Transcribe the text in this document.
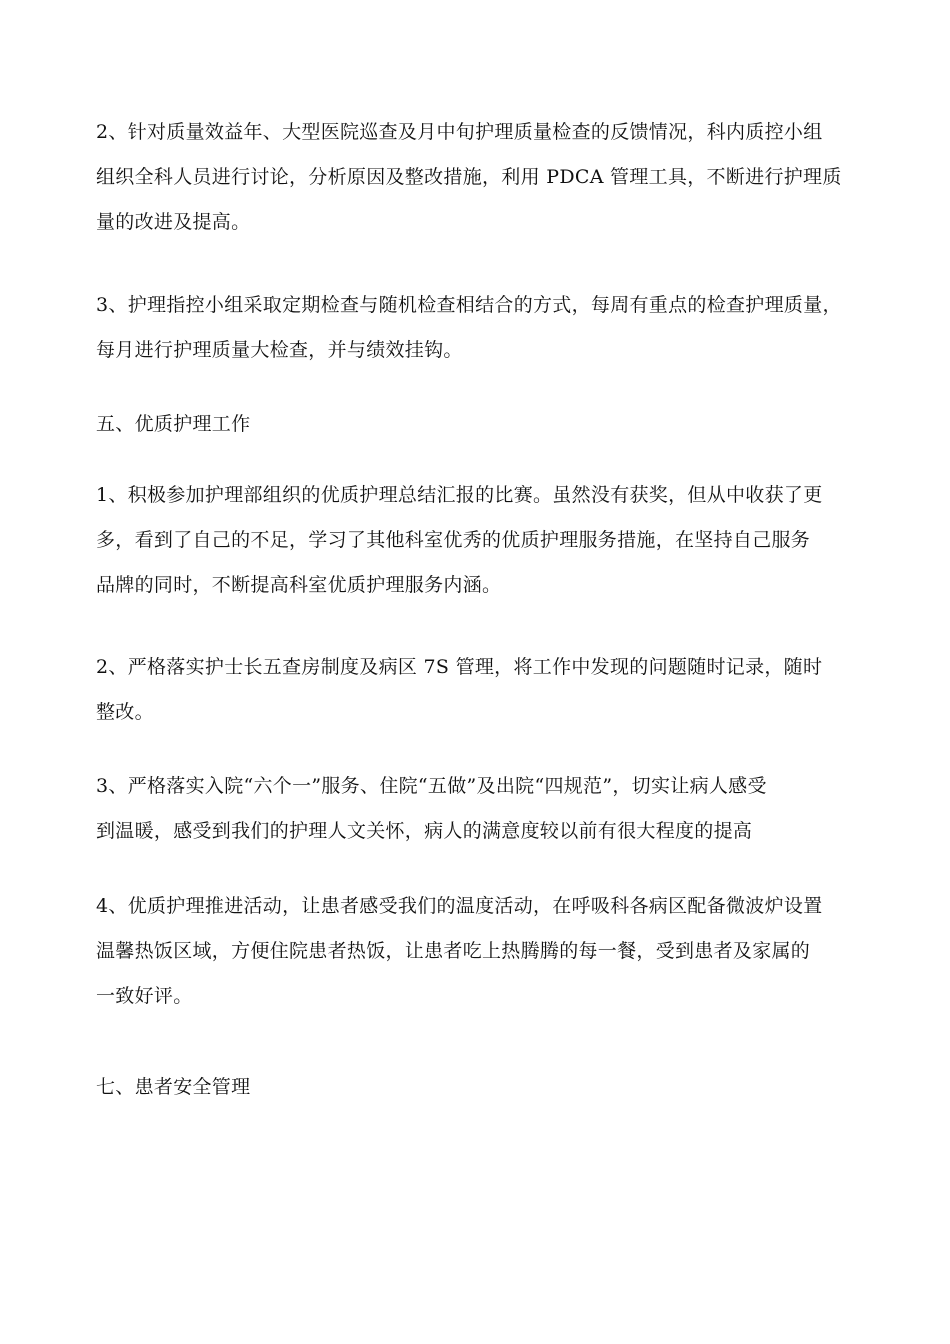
2、针对质量效益年、大型医院巡查及月中旬护理质量检查的反馈情况，科内质控小组
组织全科人员进行讨论，分析原因及整改措施，利用 PDCA 管理工具，不断进行护理质
量的改进及提高。
3、护理指控小组采取定期检查与随机检查相结合的方式，每周有重点的检查护理质量，
每月进行护理质量大检查，并与绩效挂钩。
五、优质护理工作
1、积极参加护理部组织的优质护理总结汇报的比赛。虽然没有获奖，但从中收获了更
多，看到了自己的不足，学习了其他科室优秀的优质护理服务措施，在坚持自己服务
品牌的同时，不断提高科室优质护理服务内涵。
2、严格落实护士长五查房制度及病区 7S 管理，将工作中发现的问题随时记录，随时
整改。
3、严格落实入院“六个一”服务、住院“五做”及出院“四规范”，切实让病人感受
到温暖，感受到我们的护理人文关怀，病人的满意度较以前有很大程度的提高
4、优质护理推进活动，让患者感受我们的温度活动，在呼吸科各病区配备微波炉设置
温馨热饭区域，方便住院患者热饭，让患者吃上热腾腾的每一餐，受到患者及家属的
一致好评。
七、患者安全管理
